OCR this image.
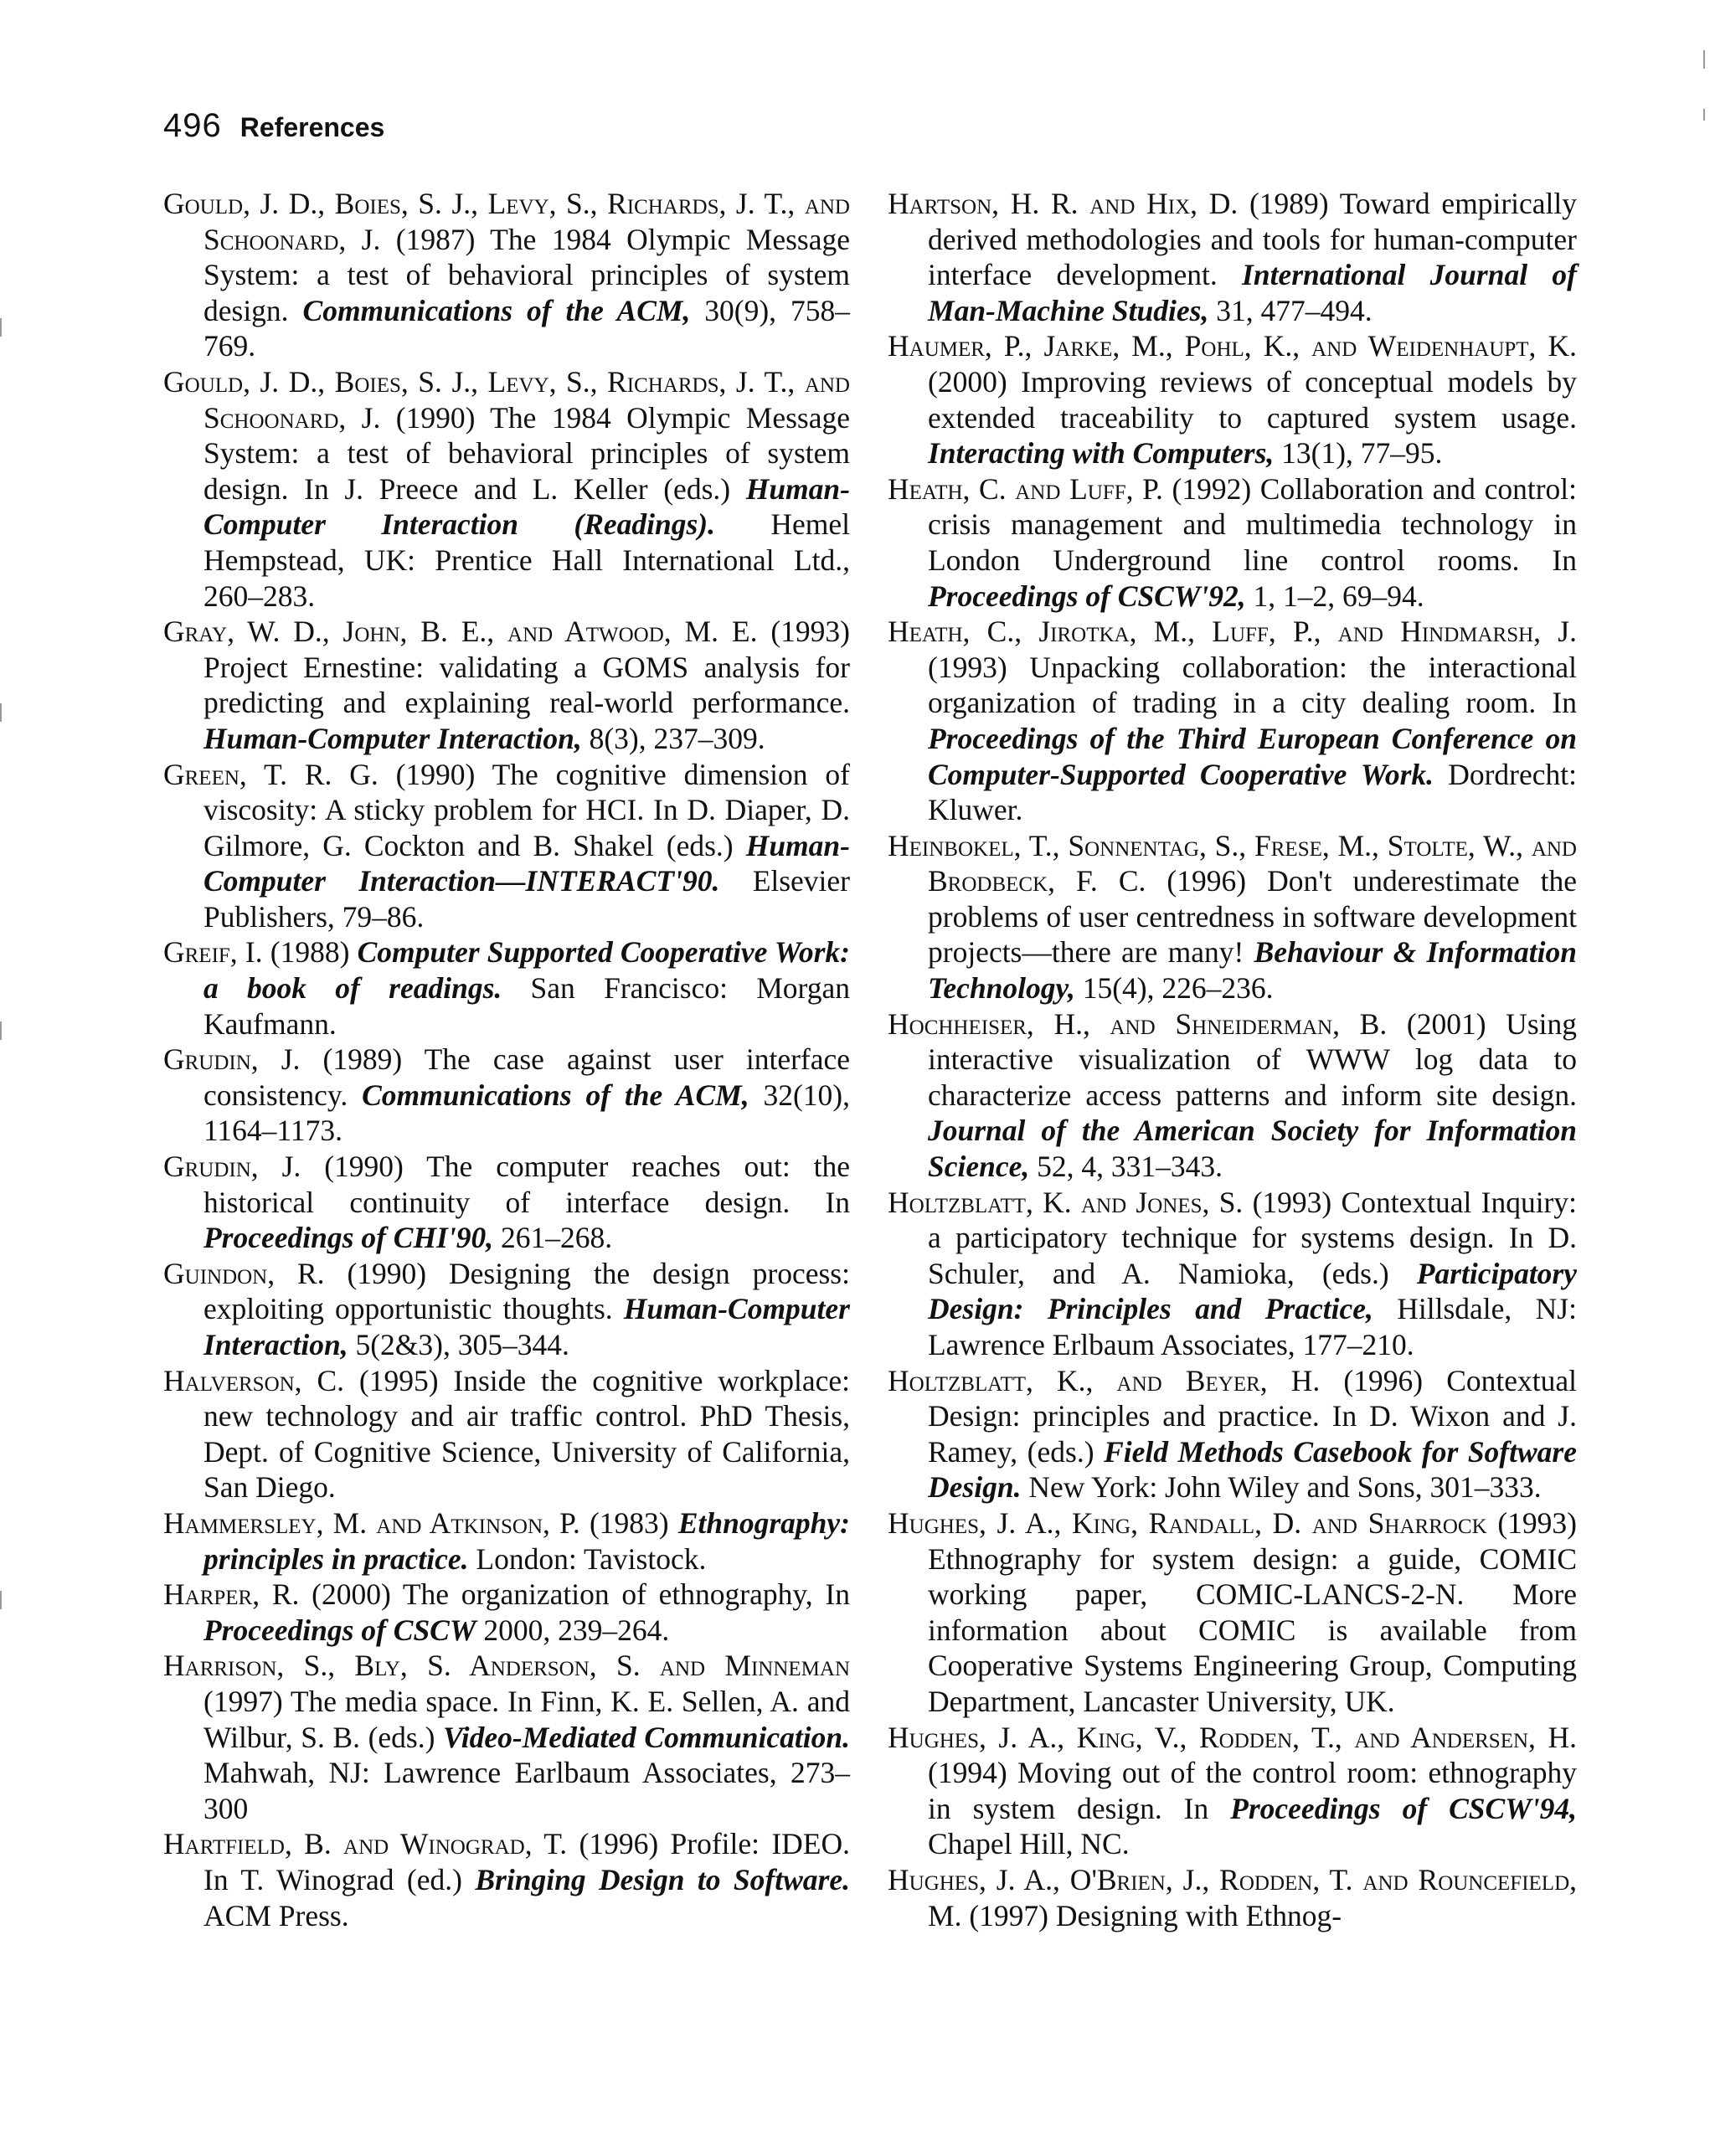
496 References

Gould, J. D., Boies, S. J., Levy, S., Richards, J. T., and Schoonard, J. (1987) The 1984 Olympic Message System: a test of behavioral principles of system design. Communications of the ACM, 30(9), 758–769.

Gould, J. D., Boies, S. J., Levy, S., Richards, J. T., and Schoonard, J. (1990) The 1984 Olympic Message System: a test of behavioral principles of system design. In J. Preece and L. Keller (eds.) Human-Computer Interaction (Readings). Hemel Hempstead, UK: Prentice Hall International Ltd., 260–283.

Gray, W. D., John, B. E., and Atwood, M. E. (1993) Project Ernestine: validating a GOMS analysis for predicting and explaining real-world performance. Human-Computer Interaction, 8(3), 237–309.

Green, T. R. G. (1990) The cognitive dimension of viscosity: A sticky problem for HCI. In D. Diaper, D. Gilmore, G. Cockton and B. Shakel (eds.) Human-Computer Interaction—INTERACT'90. Elsevier Publishers, 79–86.

Greif, I. (1988) Computer Supported Cooperative Work: a book of readings. San Francisco: Morgan Kaufmann.

Grudin, J. (1989) The case against user interface consistency. Communications of the ACM, 32(10), 1164–1173.

Grudin, J. (1990) The computer reaches out: the historical continuity of interface design. In Proceedings of CHI'90, 261–268.

Guindon, R. (1990) Designing the design process: exploiting opportunistic thoughts. Human-Computer Interaction, 5(2&3), 305–344.

Halverson, C. (1995) Inside the cognitive workplace: new technology and air traffic control. PhD Thesis, Dept. of Cognitive Science, University of California, San Diego.

Hammersley, M. and Atkinson, P. (1983) Ethnography: principles in practice. London: Tavistock.

Harper, R. (2000) The organization of ethnography, In Proceedings of CSCW 2000, 239–264.

Harrison, S., Bly, S. Anderson, S. and Minneman (1997) The media space. In Finn, K. E. Sellen, A. and Wilbur, S. B. (eds.) Video-Mediated Communication. Mahwah, NJ: Lawrence Earlbaum Associates, 273–300

Hartfield, B. and Winograd, T. (1996) Profile: IDEO. In T. Winograd (ed.) Bringing Design to Software. ACM Press.

Hartson, H. R. and Hix, D. (1989) Toward empirically derived methodologies and tools for human-computer interface development. International Journal of Man-Machine Studies, 31, 477–494.

Haumer, P., Jarke, M., Pohl, K., and Weidenhaupt, K. (2000) Improving reviews of conceptual models by extended traceability to captured system usage. Interacting with Computers, 13(1), 77–95.

Heath, C. and Luff, P. (1992) Collaboration and control: crisis management and multimedia technology in London Underground line control rooms. In Proceedings of CSCW'92, 1, 1–2, 69–94.

Heath, C., Jirotka, M., Luff, P., and Hindmarsh, J. (1993) Unpacking collaboration: the interactional organization of trading in a city dealing room. In Proceedings of the Third European Conference on Computer-Supported Cooperative Work. Dordrecht: Kluwer.

Heinbokel, T., Sonnentag, S., Frese, M., Stolte, W., and Brodbeck, F. C. (1996) Don't underestimate the problems of user centredness in software development projects—there are many! Behaviour & Information Technology, 15(4), 226–236.

Hochheiser, H., and Shneiderman, B. (2001) Using interactive visualization of WWW log data to characterize access patterns and inform site design. Journal of the American Society for Information Science, 52, 4, 331–343.

Holtzblatt, K. and Jones, S. (1993) Contextual Inquiry: a participatory technique for systems design. In D. Schuler, and A. Namioka, (eds.) Participatory Design: Principles and Practice, Hillsdale, NJ: Lawrence Erlbaum Associates, 177–210.

Holtzblatt, K., and Beyer, H. (1996) Contextual Design: principles and practice. In D. Wixon and J. Ramey, (eds.) Field Methods Casebook for Software Design. New York: John Wiley and Sons, 301–333.

Hughes, J. A., King, Randall, D. and Sharrock (1993) Ethnography for system design: a guide, COMIC working paper, COMIC-LANCS-2-N. More information about COMIC is available from Cooperative Systems Engineering Group, Computing Department, Lancaster University, UK.

Hughes, J. A., King, V., Rodden, T., and Andersen, H. (1994) Moving out of the control room: ethnography in system design. In Proceedings of CSCW'94, Chapel Hill, NC.

Hughes, J. A., O'Brien, J., Rodden, T. and Rouncefield, M. (1997) Designing with Ethnog-
